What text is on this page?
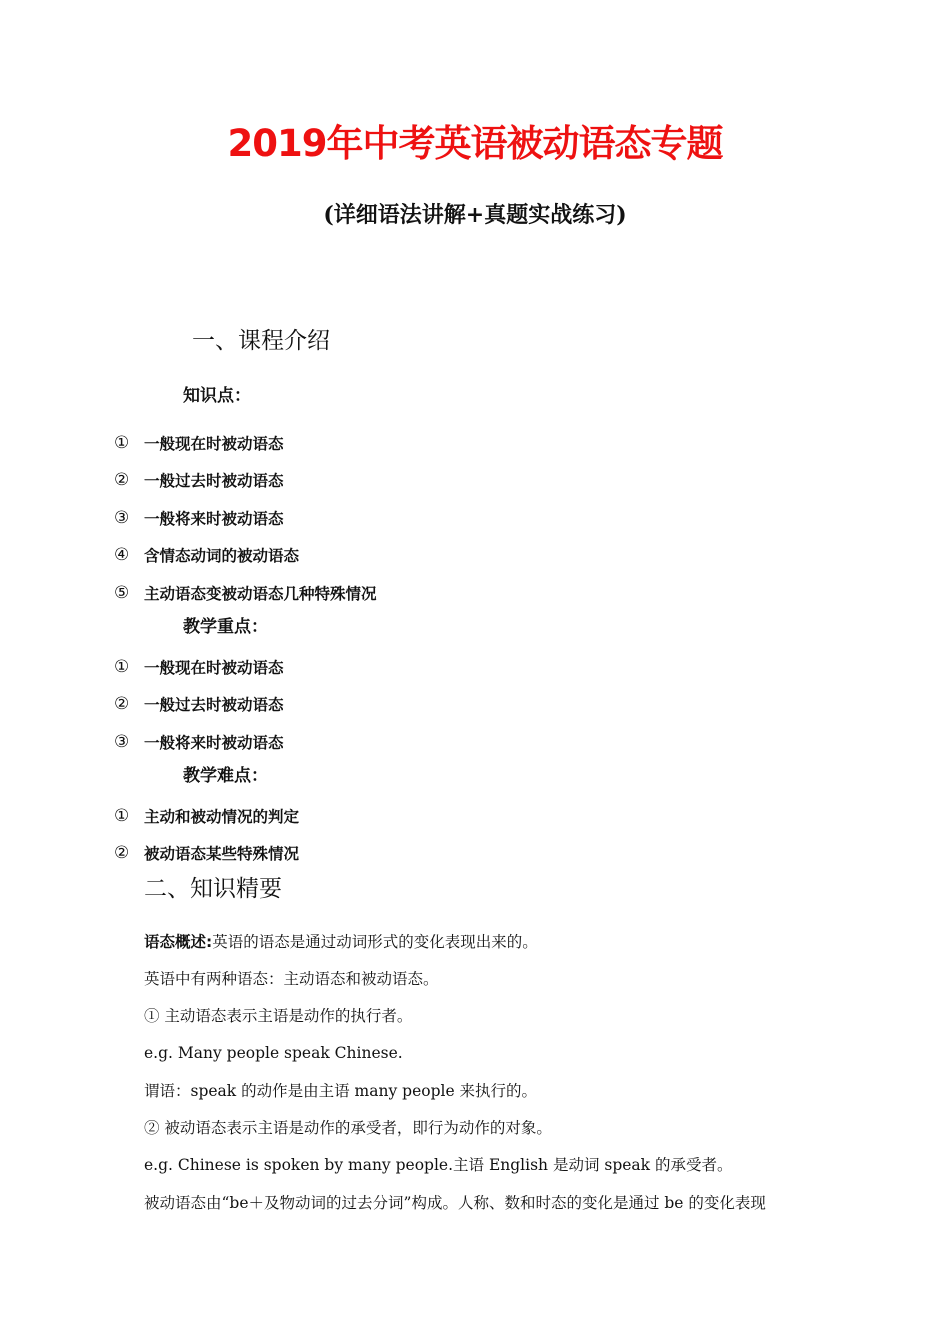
2019年中考英语被动语态专题
(详细语法讲解+真题实战练习)
一、课程介绍
知识点：
① 一般现在时被动语态
② 一般过去时被动语态
③ 一般将来时被动语态
④ 含情态动词的被动语态
⑤ 主动语态变被动语态几种特殊情况
教学重点：
① 一般现在时被动语态
② 一般过去时被动语态
③ 一般将来时被动语态
教学难点：
① 主动和被动情况的判定
② 被动语态某些特殊情况
二、知识精要
语态概述: 英语的语态是通过动词形式的变化表现出来的。
英语中有两种语态：主动语态和被动语态。
① 主动语态表示主语是动作的执行者。
e.g. Many people speak Chinese.
谓语：speak 的动作是由主语 many people 来执行的。
② 被动语态表示主语是动作的承受者，即行为动作的对象。
e.g. Chinese is spoken by many people.主语 English 是动词 speak 的承受者。
被动语态由“be＋及物动词的过去分词”构成。人称、数和时态的变化是通过 be 的变化表现
